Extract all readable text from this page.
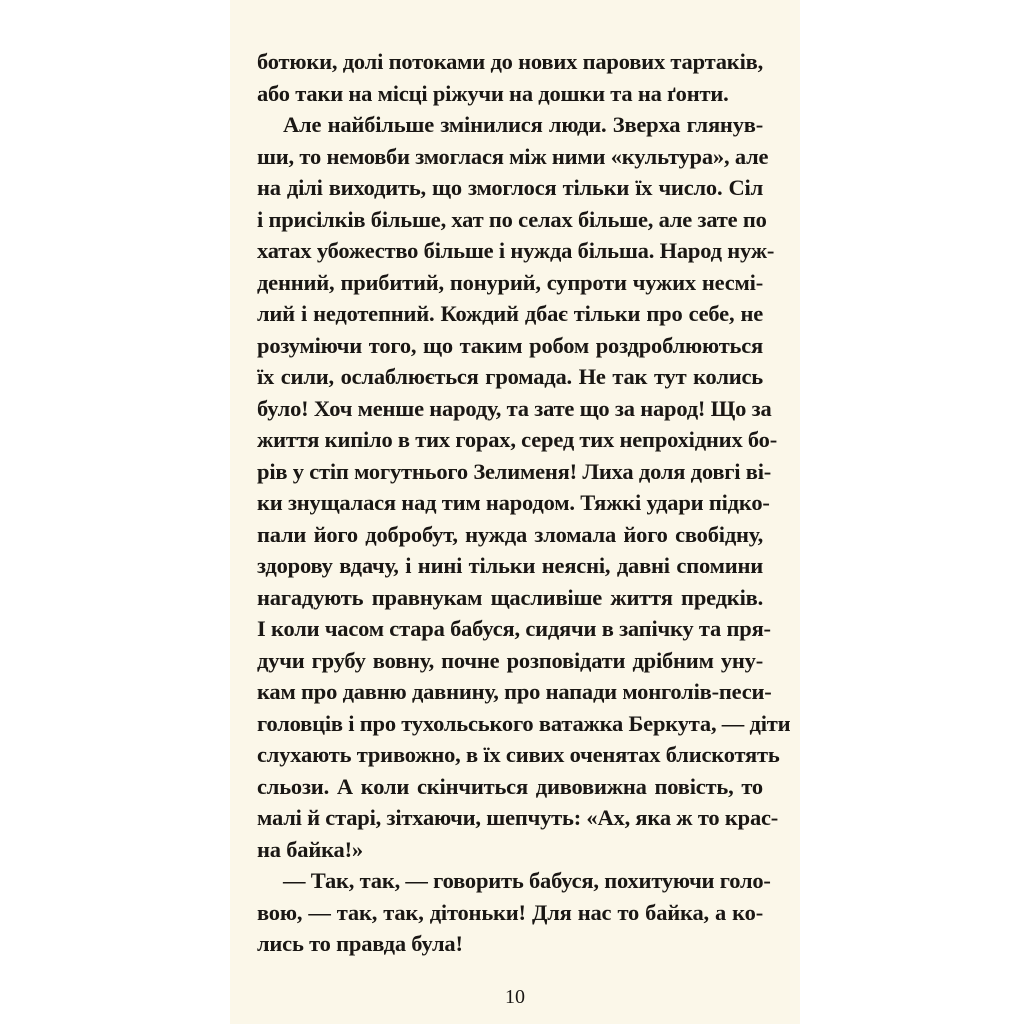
ботюки, долі потоками до нових парових тартаків,
або таки на місці ріжучи на дошки та на ґонти.
Але найбільше змінилися люди. Зверха глянув-
ши, то немовби змоглася між ними «культура», але
на ділі виходить, що змоглося тільки їх число. Сіл
і присілків більше, хат по селах більше, але зате по
хатах убожество більше і нужда більша. Народ нуж-
денний, прибитий, понурий, супроти чужих несмі-
лий і недотепний. Кождий дбає тільки про себе, не
розуміючи того, що таким робом роздроблюються
їх сили, ослаблюється громада. Не так тут колись
було! Хоч менше народу, та зате що за народ! Що за
життя кипіло в тих горах, серед тих непрохідних бо-
рів у стіп могутнього Зелименя! Лиха доля довгі ві-
ки знущалася над тим народом. Тяжкі удари підко-
пали його добробут, нужда зломала його свобідну,
здорову вдачу, і нині тільки неясні, давні спомини
нагадують правнукам щасливіше життя предків.
І коли часом стара бабуся, сидячи в запічку та пря-
дучи грубу вовну, почне розповідати дрібним уну-
кам про давню давнину, про напади монголів-песи-
головців і про тухольського ватажка Беркута, — діти
слухають тривожно, в їх сивих оченятах блискотять
сльози. А коли скінчиться дивовижна повість, то
малі й старі, зітхаючи, шепчуть: «Ах, яка ж то крас-
на байка!»
— Так, так, — говорить бабуся, похитуючи голо-
вою, — так, так, дітоньки! Для нас то байка, а ко-
лись то правда була!
10
